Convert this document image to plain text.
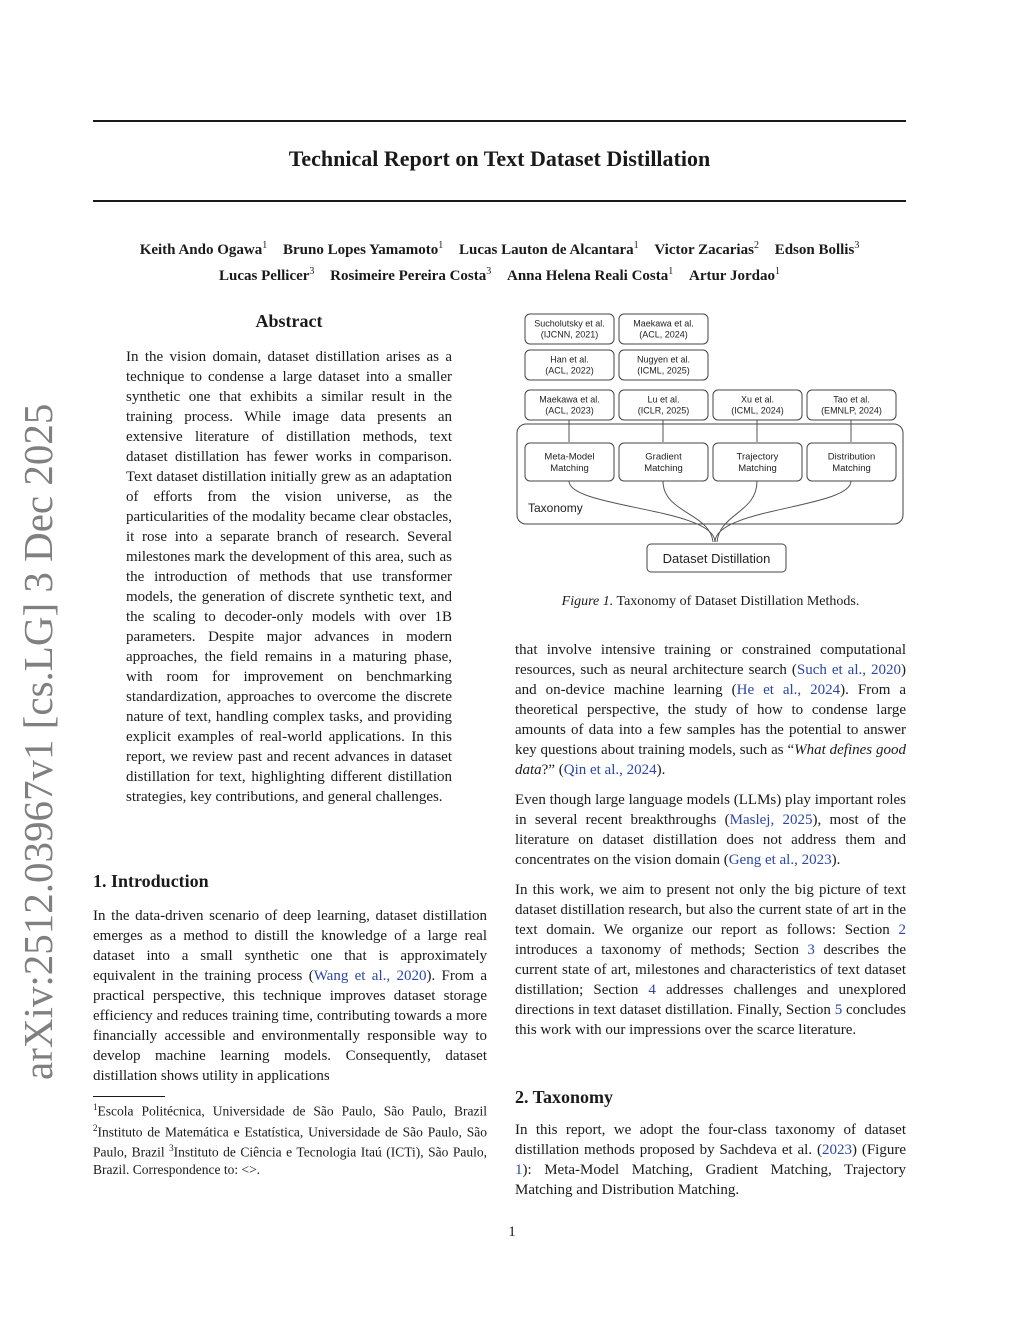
Technical Report on Text Dataset Distillation
Keith Ando Ogawa$^1$ Bruno Lopes Yamamoto$^1$ Lucas Lauton de Alcantara$^1$ Victor Zacarias$^2$ Edson Bollis$^3$
Lucas Pellicer$^3$ Rosimeire Pereira Costa$^3$ Anna Helena Reali Costa$^1$ Artur Jordao$^1$
arXiv:2512.03967v1 [cs.LG] 3 Dec 2025
Abstract

In the vision domain, dataset distillation arises as a technique to condense a large dataset into a smaller synthetic one that exhibits a similar result in the training process. While image data presents an extensive literature of distillation methods, text dataset distillation has fewer works in comparison. Text dataset distillation initially grew as an adaptation of efforts from the vision universe, as the particularities of the modality became clear obstacles, it rose into a separate branch of research. Several milestones mark the development of this area, such as the introduction of methods that use transformer models, the generation of discrete synthetic text, and the scaling to decoder-only models with over 1B parameters. Despite major advances in modern approaches, the field remains in a maturing phase, with room for improvement on benchmarking standardization, approaches to overcome the discrete nature of text, handling complex tasks, and providing explicit examples of real-world applications. In this report, we review past and recent advances in dataset distillation for text, highlighting different distillation strategies, key contributions, and general challenges.

1. Introduction

In the data-driven scenario of deep learning, dataset distillation emerges as a method to distill the knowledge of a large real dataset into a small synthetic one that is approximately equivalent in the training process (Wang et al., 2020). From a practical perspective, this technique improves dataset storage efficiency and reduces training time, contributing towards a more financially accessible and environmentally responsible way to develop machine learning models. Consequently, dataset distillation shows utility in applications

$^1$Escola Politécnica, Universidade de São Paulo, São Paulo, Brazil $^2$Instituto de Matemática e Estatística, Universidade de São Paulo, São Paulo, Brazil $^3$Instituto de Ciência e Tecnologia Itaú (ICTi), São Paulo, Brazil. Correspondence to: <>.
Taxonomy
Sucholutsky et al.
(IJCNN, 2021)
Maekawa et al.
(ACL, 2024)
Han et al.
(ACL, 2022)
Nugyen et al.
(ICML, 2025)
Maekawa et al.
(ACL, 2023)
Lu et al.
(ICLR, 2025)
Xu et al.
(ICML, 2024)
Tao et al.
(EMNLP, 2024)
Meta-Model
Matching
Gradient
Matching
Trajectory
Matching
Distribution
Matching
Dataset Distillation
Figure 1. Taxonomy of Dataset Distillation Methods.

that involve intensive training or constrained computational resources, such as neural architecture search (Such et al., 2020) and on-device machine learning (He et al., 2024). From a theoretical perspective, the study of how to condense large amounts of data into a few samples has the potential to answer key questions about training models, such as “What defines good data?” (Qin et al., 2024).

Even though large language models (LLMs) play important roles in several recent breakthroughs (Maslej, 2025), most of the literature on dataset distillation does not address them and concentrates on the vision domain (Geng et al., 2023).

In this work, we aim to present not only the big picture of text dataset distillation research, but also the current state of art in the text domain. We organize our report as follows: Section 2 introduces a taxonomy of methods; Section 3 describes the current state of art, milestones and characteristics of text dataset distillation; Section 4 addresses challenges and unexplored directions in text dataset distillation. Finally, Section 5 concludes this work with our impressions over the scarce literature.

2. Taxonomy

In this report, we adopt the four-class taxonomy of dataset distillation methods proposed by Sachdeva et al. (2023) (Figure 1): Meta-Model Matching, Gradient Matching, Trajectory Matching and Distribution Matching.

1
